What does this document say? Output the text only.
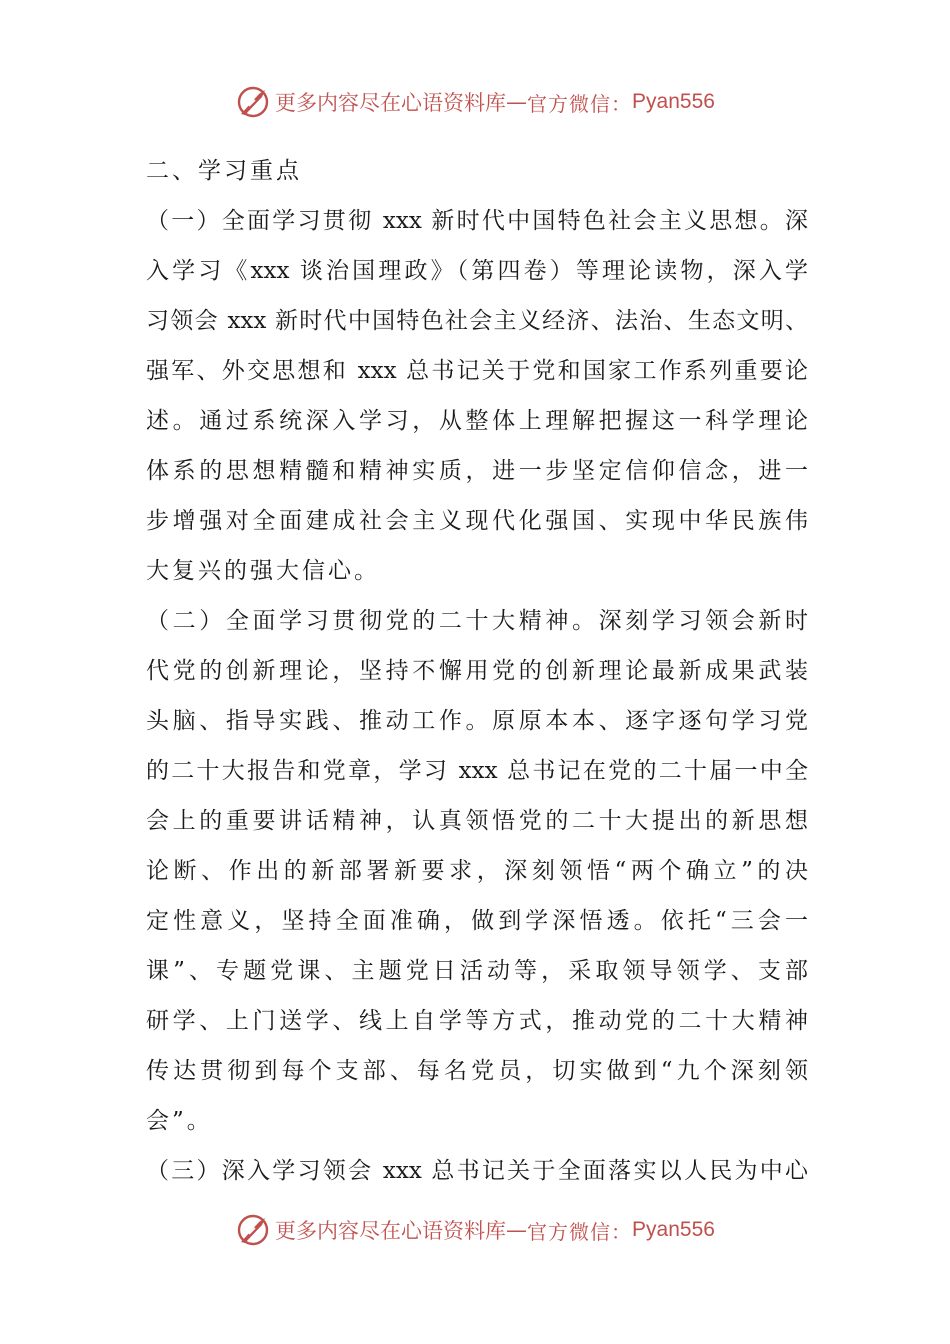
更多内容尽在心语资料库 — 官方微信： Pyan556
二、学习重点
（一）全面学习贯彻 xxx 新时代中国特色社会主义思想。深
入学习《xxx 谈治国理政》（第四卷）等理论读物，深入学
习领会 xxx 新时代中国特色社会主义经济、法治、生态文明、
强军、外交思想和 xxx 总书记关于党和国家工作系列重要论
述。通过系统深入学习，从整体上理解把握这一科学理论
体系的思想精髓和精神实质，进一步坚定信仰信念，进一
步增强对全面建成社会主义现代化强国、实现中华民族伟
大复兴的强大信心。
（二）全面学习贯彻党的二十大精神。深刻学习领会新时
代党的创新理论，坚持不懈用党的创新理论最新成果武装
头脑、指导实践、推动工作。原原本本、逐字逐句学习党
的二十大报告和党章，学习 xxx 总书记在党的二十届一中全
会上的重要讲话精神，认真领悟党的二十大提出的新思想
论断、作出的新部署新要求，深刻领悟“两个确立”的决
定性意义，坚持全面准确，做到学深悟透。依托“三会一
课”、专题党课、主题党日活动等，采取领导领学、支部
研学、上门送学、线上自学等方式，推动党的二十大精神
传达贯彻到每个支部、每名党员，切实做到“九个深刻领
会”。
（三）深入学习领会 xxx 总书记关于全面落实以人民为中心
更多内容尽在心语资料库 — 官方微信： Pyan556
